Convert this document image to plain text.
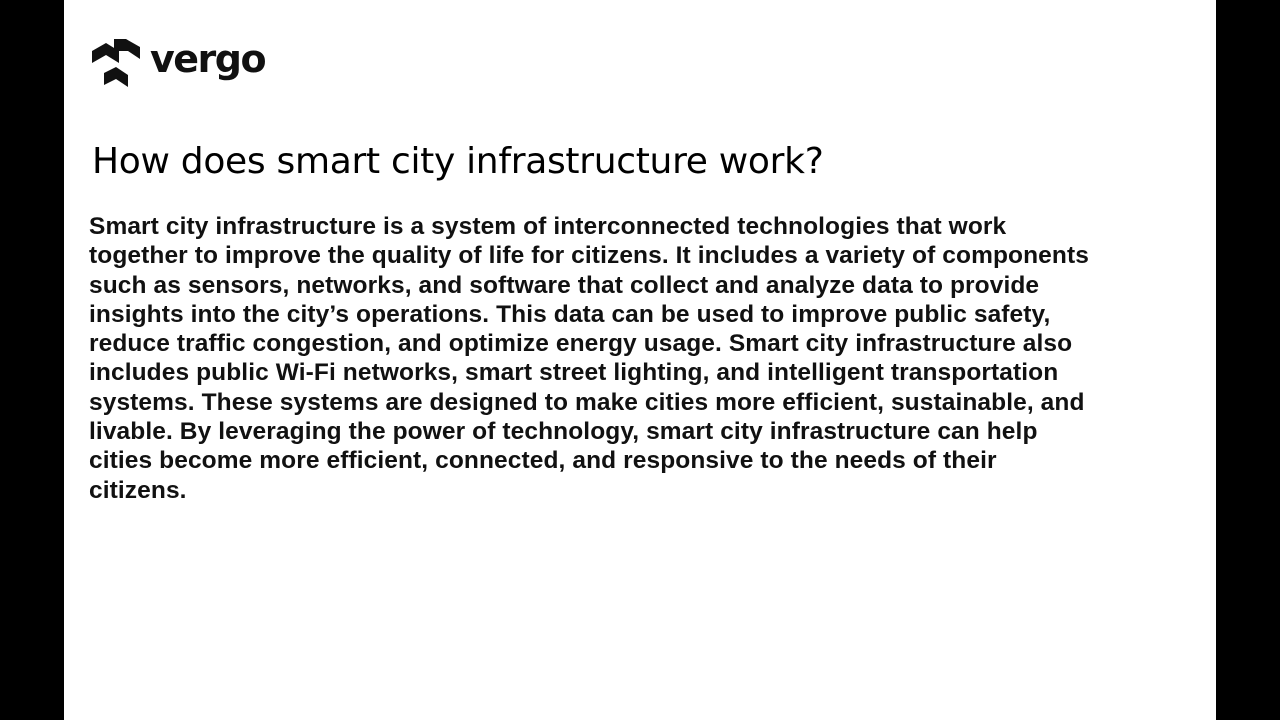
vergo
How does smart city infrastructure work?

Smart city infrastructure is a system of interconnected technologies that work together to improve the quality of life for citizens. It includes a variety of components such as sensors, networks, and software that collect and analyze data to provide insights into the city’s operations. This data can be used to improve public safety, reduce traffic congestion, and optimize energy usage. Smart city infrastructure also includes public Wi-Fi networks, smart street lighting, and intelligent transportation systems. These systems are designed to make cities more efficient, sustainable, and livable. By leveraging the power of technology, smart city infrastructure can help cities become more efficient, connected, and responsive to the needs of their citizens.
